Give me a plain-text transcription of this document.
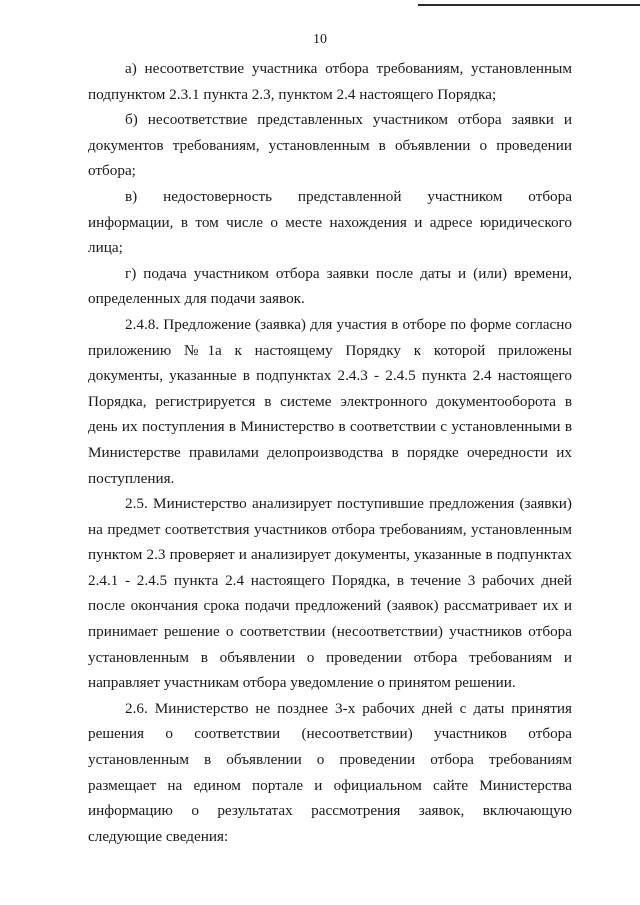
10

а) несоответствие участника отбора требованиям, установленным подпунктом 2.3.1 пункта 2.3, пунктом 2.4 настоящего Порядка;

б) несоответствие представленных участником отбора заявки и документов требованиям, установленным в объявлении о проведении отбора;

в) недостоверность представленной участником отбора информации, в том числе о месте нахождения и адресе юридического лица;

г) подача участником отбора заявки после даты и (или) времени, определенных для подачи заявок.

2.4.8. Предложение (заявка) для участия в отборе по форме согласно приложению №1а к настоящему Порядку к которой приложены документы, указанные в подпунктах 2.4.3 - 2.4.5 пункта 2.4 настоящего Порядка, регистрируется в системе электронного документооборота в день их поступления в Министерство в соответствии с установленными в Министерстве правилами делопроизводства в порядке очередности их поступления.

2.5. Министерство анализирует поступившие предложения (заявки) на предмет соответствия участников отбора требованиям, установленным пунктом 2.3 проверяет и анализирует документы, указанные в подпунктах 2.4.1 - 2.4.5 пункта 2.4 настоящего Порядка, в течение 3 рабочих дней после окончания срока подачи предложений (заявок) рассматривает их и принимает решение о соответствии (несоответствии) участников отбора установленным в объявлении о проведении отбора требованиям и направляет участникам отбора уведомление о принятом решении.

2.6. Министерство не позднее 3-х рабочих дней с даты принятия решения о соответствии (несоответствии) участников отбора установленным в объявлении о проведении отбора требованиям размещает на едином портале и официальном сайте Министерства информацию о результатах рассмотрения заявок, включающую следующие сведения:
